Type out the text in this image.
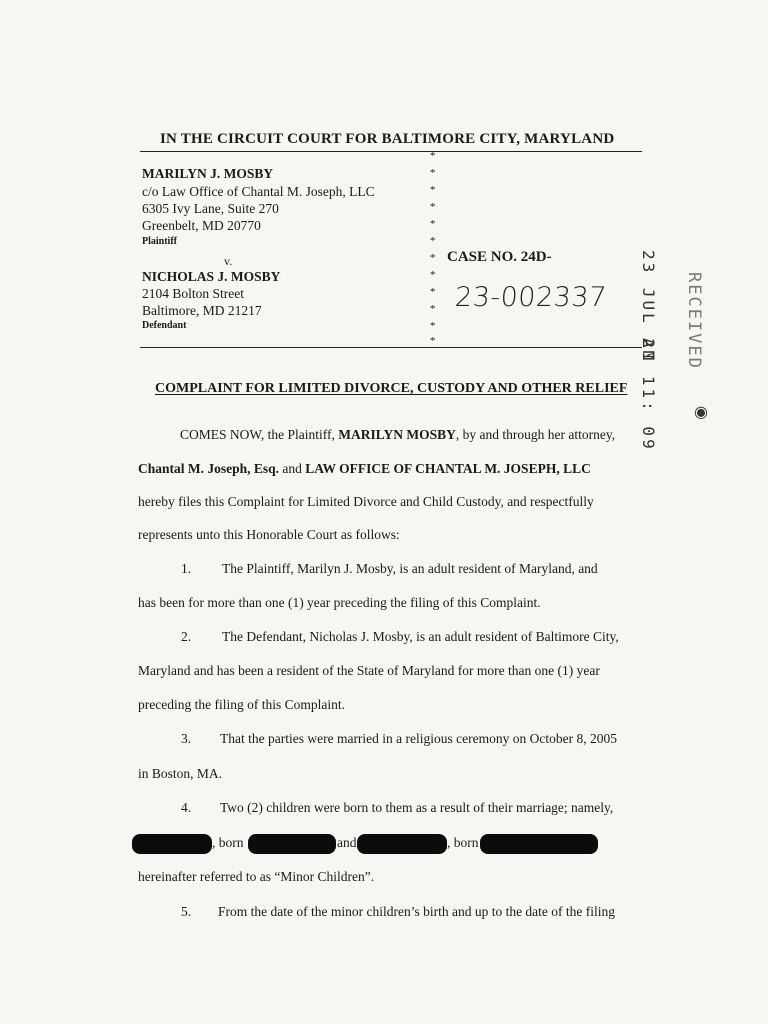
IN THE CIRCUIT COURT FOR BALTIMORE CITY, MARYLAND
MARILYN J. MOSBY
c/o Law Office of Chantal M. Joseph, LLC
6305 Ivy Lane, Suite 270
Greenbelt, MD 20770
Plaintiff
v.
NICHOLAS J. MOSBY
2104 Bolton Street
Baltimore, MD 21217
Defendant
*
*
*
*
*
*
*
*
*
*
*
*
CASE NO. 24D-
23-002337 23 JUL 21
AM 11: 09
RECEIVED
◉
COMPLAINT FOR LIMITED DIVORCE, CUSTODY AND OTHER RELIEF
COMES NOW, the Plaintiff, MARILYN MOSBY, by and through her attorney,
Chantal M. Joseph, Esq. and LAW OFFICE OF CHANTAL M. JOSEPH, LLC
hereby files this Complaint for Limited Divorce and Child Custody, and respectfully
represents unto this Honorable Court as follows:
1. The Plaintiff, Marilyn J. Mosby, is an adult resident of Maryland, and
has been for more than one (1) year preceding the filing of this Complaint.
2. The Defendant, Nicholas J. Mosby, is an adult resident of Baltimore City,
Maryland and has been a resident of the State of Maryland for more than one (1) year
preceding the filing of this Complaint.
3. That the parties were married in a religious ceremony on October 8, 2005
in Boston, MA.
4. Two (2) children were born to them as a result of their marriage; namely,
, born	and	, born
hereinafter referred to as “Minor Children”.
5. From the date of the minor children’s birth and up to the date of the filing
